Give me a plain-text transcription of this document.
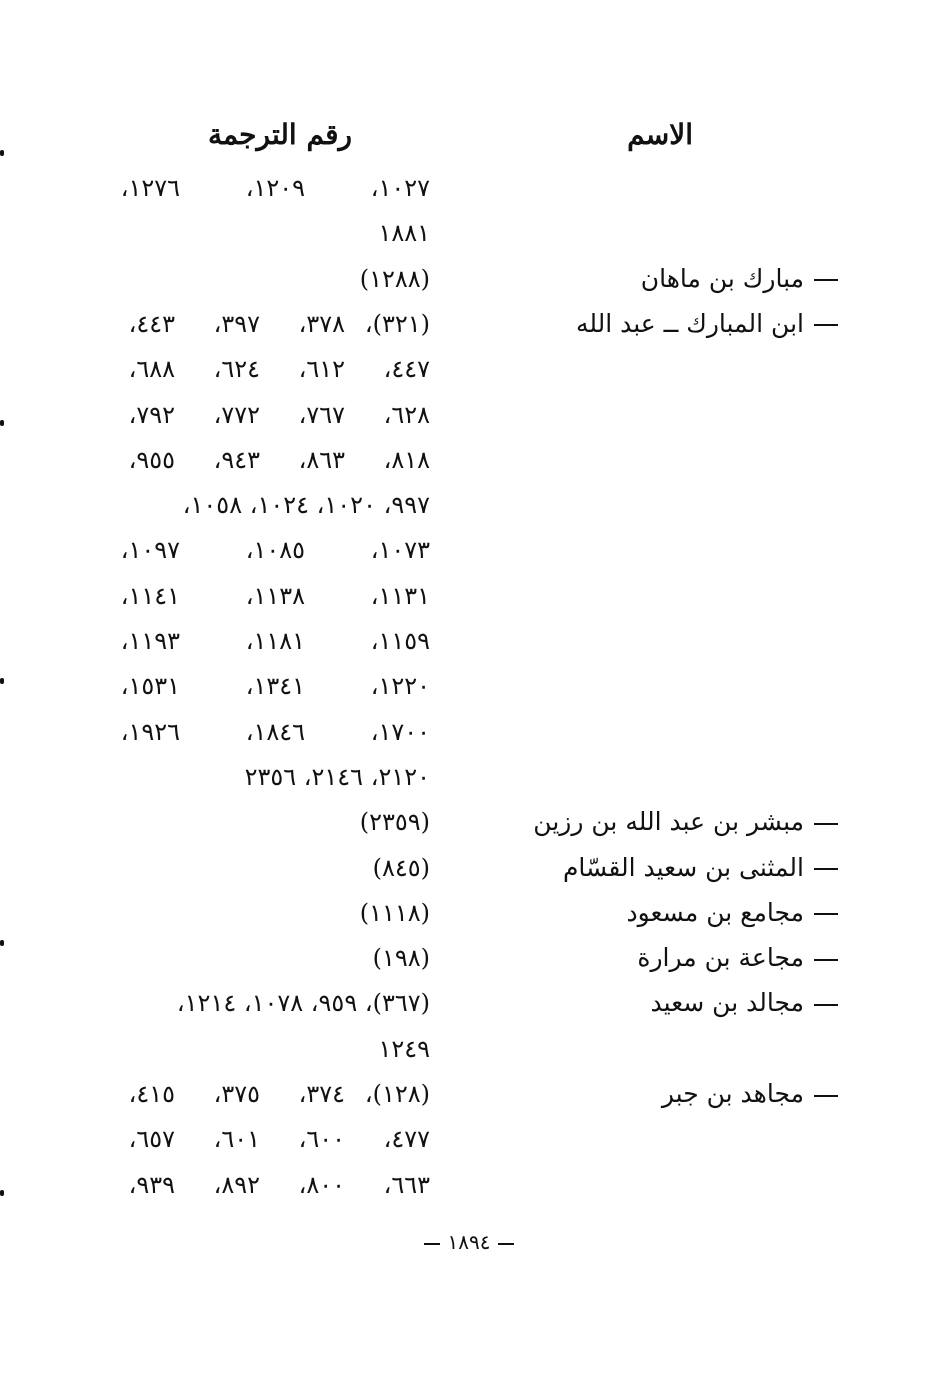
الاسم
رقم الترجمة
١٠٢٧،
١٢٠٩،
١٢٧٦،
١٨٨١
(١٢٨٨)
(٣٢١)،
٣٧٨،
٣٩٧،
٤٤٣،
٤٤٧،
٦١٢،
٦٢٤،
٦٨٨،
٦٢٨،
٧٦٧،
٧٧٢،
٧٩٢،
٨١٨،
٨٦٣،
٩٤٣،
٩٥٥،
٩٩٧، ١٠٢٠، ١٠٢٤، ١٠٥٨،
١٠٧٣،
١٠٨٥،
١٠٩٧،
١١٣١،
١١٣٨،
١١٤١،
١١٥٩،
١١٨١،
١١٩٣،
١٢٢٠،
١٣٤١،
١٥٣١،
١٧٠٠،
١٨٤٦،
١٩٢٦،
٢١٢٠، ٢١٤٦، ٢٣٥٦
(٢٣٥٩)
(٨٤٥)
(١١١٨)
(١٩٨)
(٣٦٧)، ٩٥٩، ١٠٧٨، ١٢١٤،
١٢٤٩
(١٢٨)،
٣٧٤،
٣٧٥،
٤١٥،
٤٧٧،
٦٠٠،
٦٠١،
٦٥٧،
٦٦٣،
٨٠٠،
٨٩٢،
٩٣٩،
مبارك بن ماهان
ابن المبارك ــ عبد الله
مبشر بن عبد الله بن رزين
المثنى بن سعيد القسّام
مجامع بن مسعود
مجاعة بن مرارة
مجالد بن سعيد
مجاهد بن جبر
١٨٩٤
